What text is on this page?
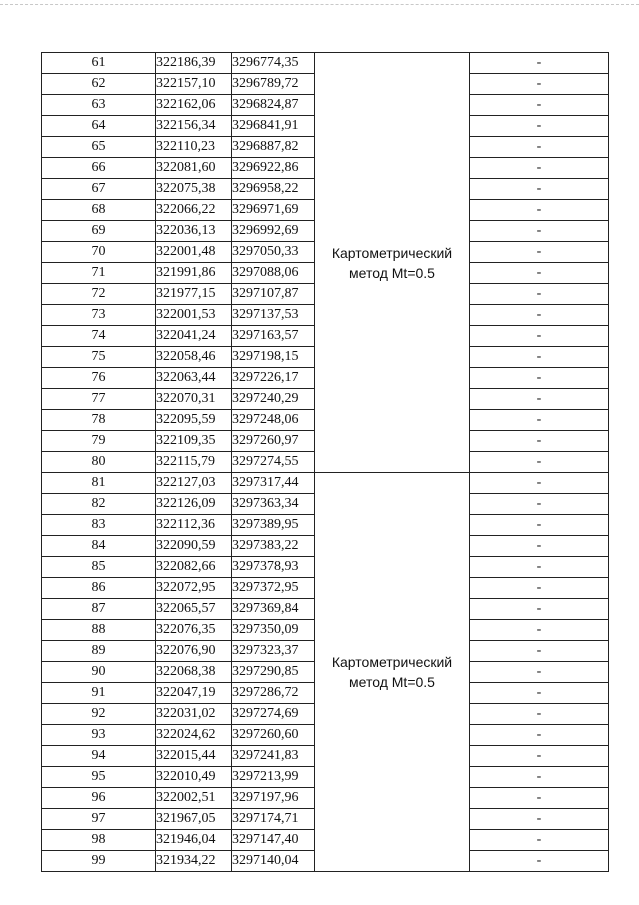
61	322186,39	3296774,35	Картометрический метод Mt=0.5	-
62	322157,10	3296789,72		-
63	322162,06	3296824,87		-
64	322156,34	3296841,91		-
65	322110,23	3296887,82		-
66	322081,60	3296922,86		-
67	322075,38	3296958,22		-
68	322066,22	3296971,69		-
69	322036,13	3296992,69		-
70	322001,48	3297050,33		-
71	321991,86	3297088,06		-
72	321977,15	3297107,87		-
73	322001,53	3297137,53		-
74	322041,24	3297163,57		-
75	322058,46	3297198,15		-
76	322063,44	3297226,17		-
77	322070,31	3297240,29		-
78	322095,59	3297248,06		-
79	322109,35	3297260,97		-
80	322115,79	3297274,55		-
81	322127,03	3297317,44	Картометрический метод Mt=0.5	-
82	322126,09	3297363,34		-
83	322112,36	3297389,95		-
84	322090,59	3297383,22		-
85	322082,66	3297378,93		-
86	322072,95	3297372,95		-
87	322065,57	3297369,84		-
88	322076,35	3297350,09		-
89	322076,90	3297323,37		-
90	322068,38	3297290,85		-
91	322047,19	3297286,72		-
92	322031,02	3297274,69		-
93	322024,62	3297260,60		-
94	322015,44	3297241,83		-
95	322010,49	3297213,99		-
96	322002,51	3297197,96		-
97	321967,05	3297174,71		-
98	321946,04	3297147,40		-
99	321934,22	3297140,04		-
